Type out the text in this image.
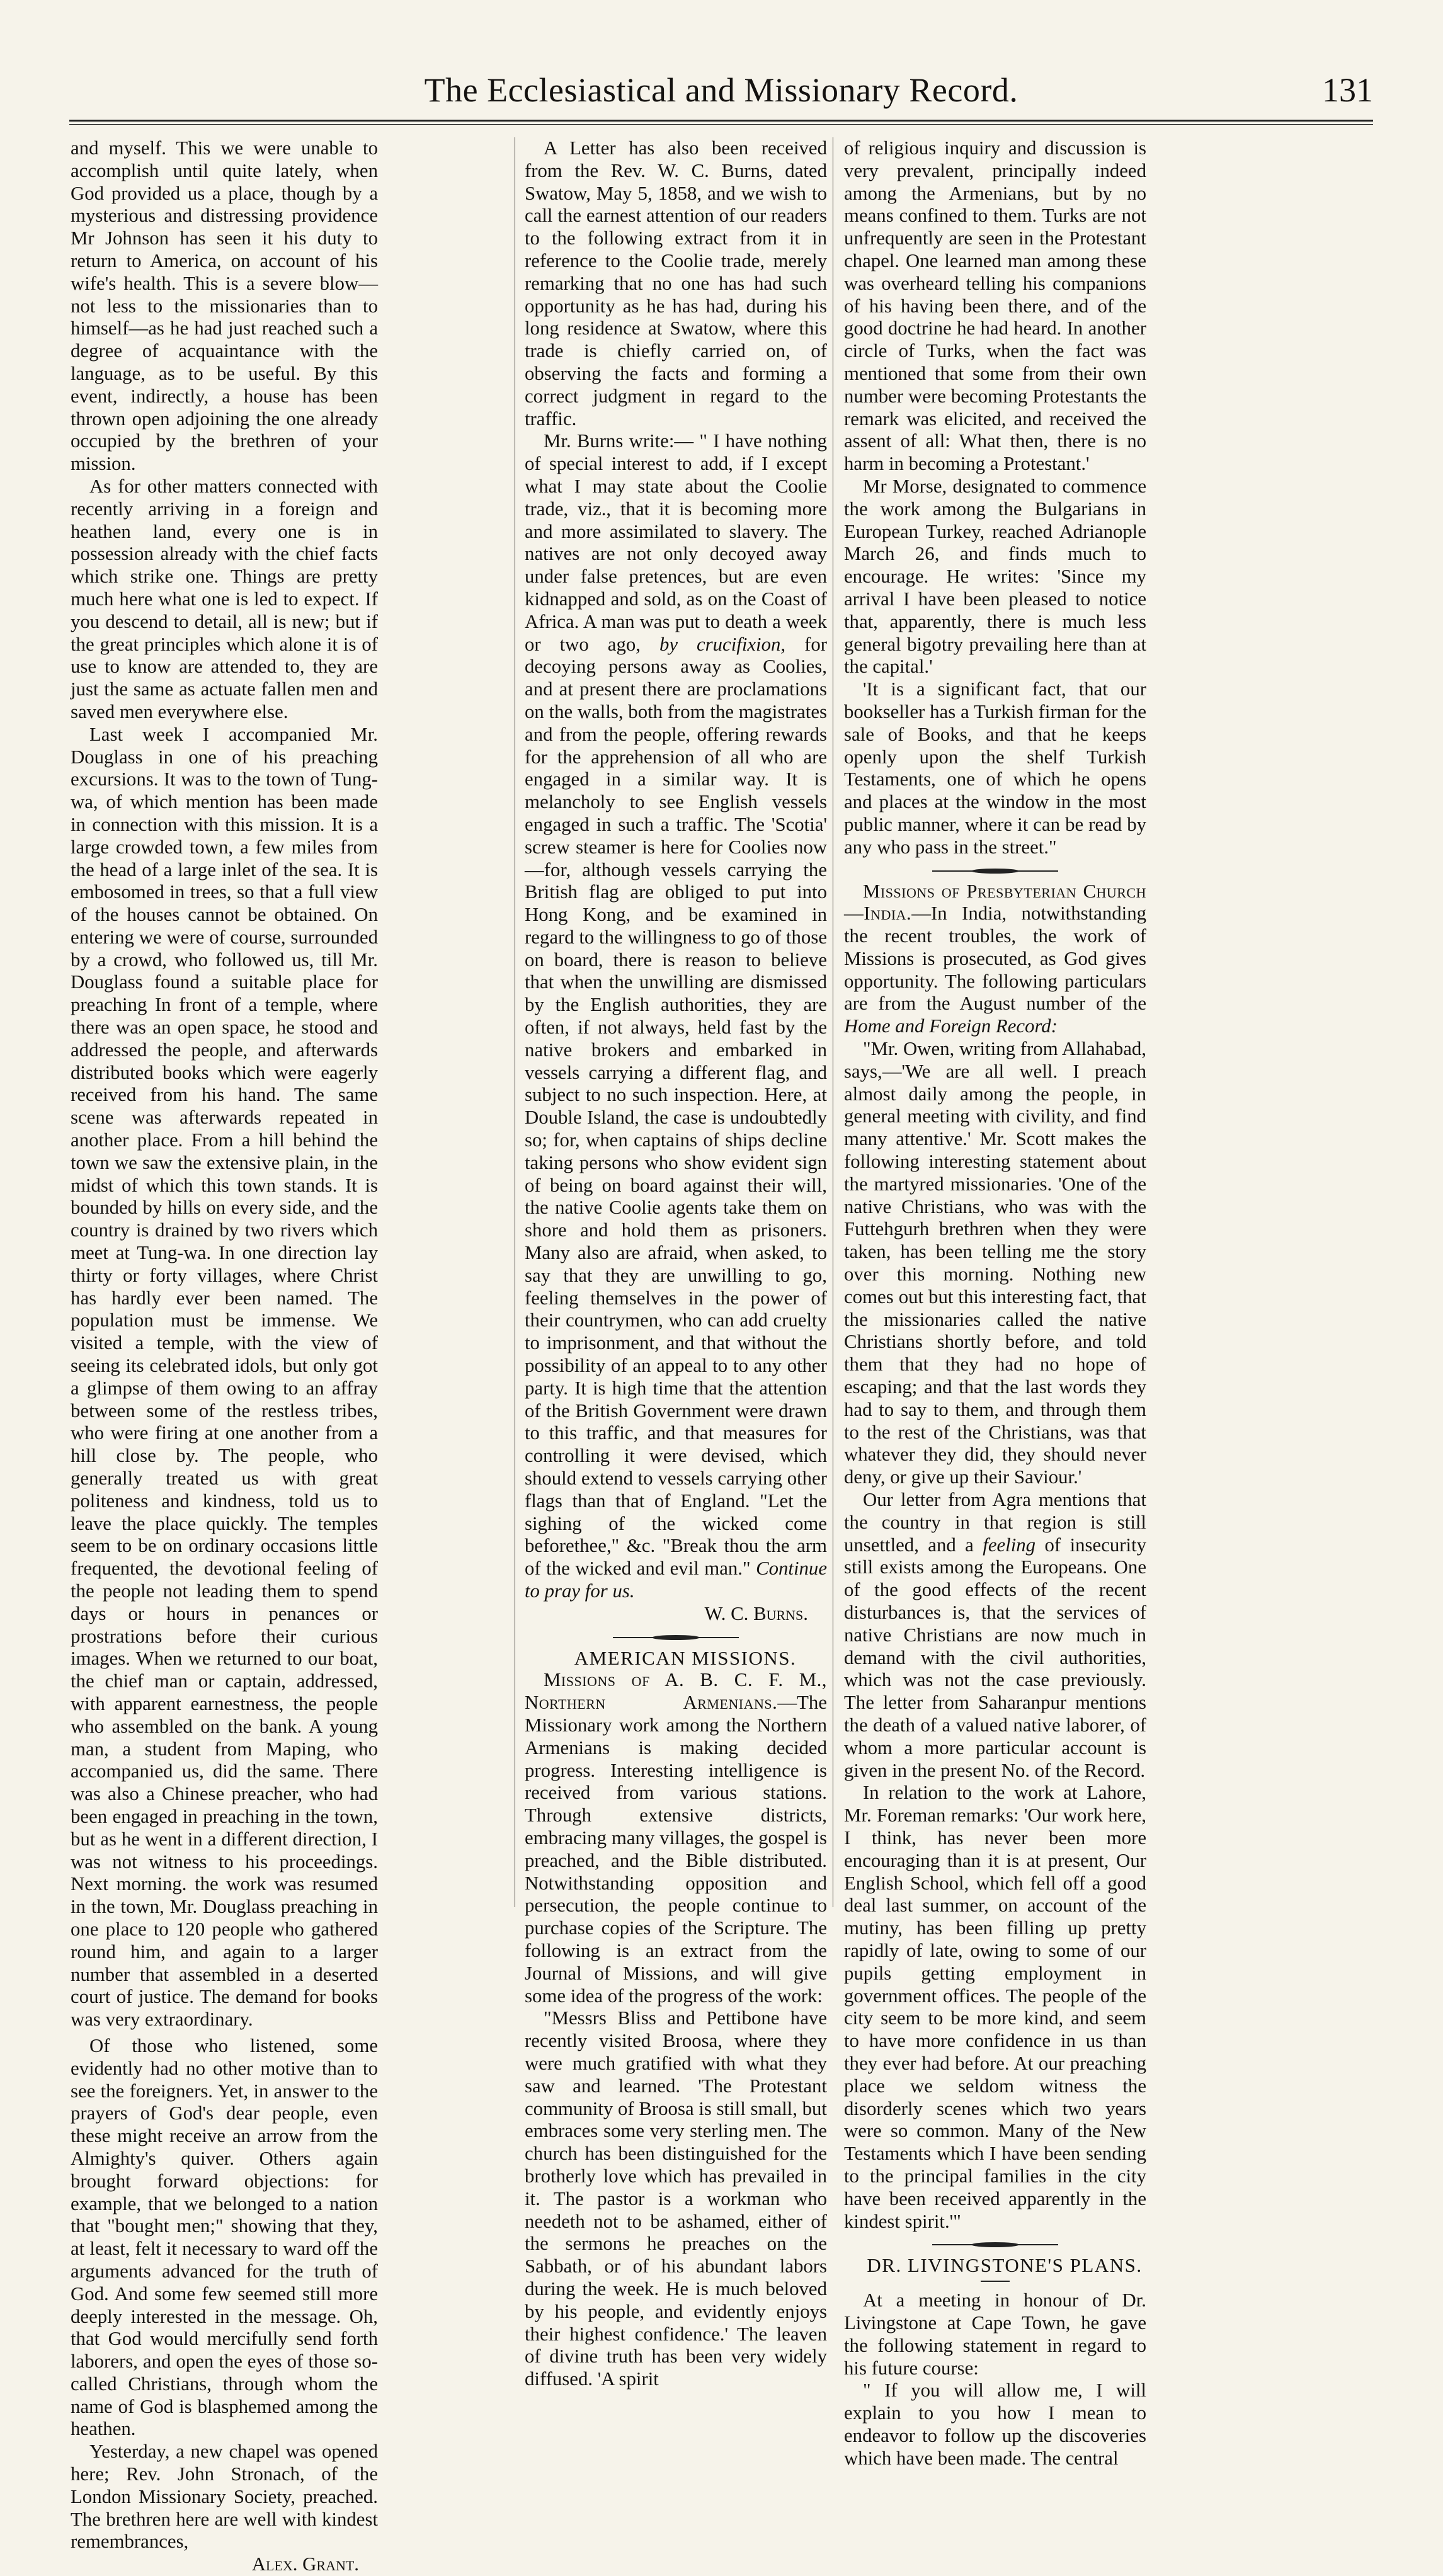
The Ecclesiastical and Missionary Record.	131

and myself. This we were unable to accomplish until quite lately, when God provided us a place, though by a mysterious and distressing providence Mr Johnson has seen it his duty to return to America, on account of his wife's health. This is a severe blow—not less to the missionaries than to himself—as he had just reached such a degree of acquaintance with the language, as to be useful. By this event, indirectly, a house has been thrown open adjoining the one already occupied by the brethren of your mission.

As for other matters connected with recently arriving in a foreign and heathen land, every one is in possession already with the chief facts which strike one. Things are pretty much here what one is led to expect. If you descend to detail, all is new; but if the great principles which alone it is of use to know are attended to, they are just the same as actuate fallen men and saved men everywhere else.

Last week I accompanied Mr. Douglass in one of his preaching excursions. It was to the town of Tung-wa, of which mention has been made in connection with this mission. It is a large crowded town, a few miles from the head of a large inlet of the sea. It is embosomed in trees, so that a full view of the houses cannot be obtained. On entering we were of course, surrounded by a crowd, who followed us, till Mr. Douglass found a suitable place for preaching In front of a temple, where there was an open space, he stood and addressed the people, and afterwards distributed books which were eagerly received from his hand. The same scene was afterwards repeated in another place. From a hill behind the town we saw the extensive plain, in the midst of which this town stands. It is bounded by hills on every side, and the country is drained by two rivers which meet at Tung-wa. In one direction lay thirty or forty villages, where Christ has hardly ever been named. The population must be immense. We visited a temple, with the view of seeing its celebrated idols, but only got a glimpse of them owing to an affray between some of the restless tribes, who were firing at one another from a hill close by. The people, who generally treated us with great politeness and kindness, told us to leave the place quickly. The temples seem to be on ordinary occasions little frequented, the devotional feeling of the people not leading them to spend days or hours in penances or prostrations before their curious images. When we returned to our boat, the chief man or captain, addressed, with apparent earnestness, the people who assembled on the bank. A young man, a student from Maping, who accompanied us, did the same. There was also a Chinese preacher, who had been engaged in preaching in the town, but as he went in a different direction, I was not witness to his proceedings. Next morning. the work was resumed in the town, Mr. Douglass preaching in one place to 120 people who gathered round him, and again to a larger number that assembled in a deserted court of justice. The demand for books was very extraordinary.

Of those who listened, some evidently had no other motive than to see the foreigners. Yet, in answer to the prayers of God's dear people, even these might receive an arrow from the Almighty's quiver. Others again brought forward objections: for example, that we belonged to a nation that "bought men;" showing that they, at least, felt it necessary to ward off the arguments advanced for the truth of God. And some few seemed still more deeply interested in the message. Oh, that God would mercifully send forth laborers, and open the eyes of those so-called Christians, through whom the name of God is blasphemed among the heathen.

Yesterday, a new chapel was opened here; Rev. John Stronach, of the London Missionary Society, preached. The brethren here are well with kindest remembrances,

Alex. Grant.

A Letter has also been received from the Rev. W. C. Burns, dated Swatow, May 5, 1858, and we wish to call the earnest attention of our readers to the following extract from it in reference to the Coolie trade, merely remarking that no one has had such opportunity as he has had, during his long residence at Swatow, where this trade is chiefly carried on, of observing the facts and forming a correct judgment in regard to the traffic.

Mr. Burns write:— " I have nothing of special interest to add, if I except what I may state about the Coolie trade, viz., that it is becoming more and more assimilated to slavery. The natives are not only decoyed away under false pretences, but are even kidnapped and sold, as on the Coast of Africa. A man was put to death a week or two ago, by crucifixion, for decoying persons away as Coolies, and at present there are proclamations on the walls, both from the magistrates and from the people, offering rewards for the apprehension of all who are engaged in a similar way. It is melancholy to see English vessels engaged in such a traffic. The 'Scotia' screw steamer is here for Coolies now—for, although vessels carrying the British flag are obliged to put into Hong Kong, and be examined in regard to the willingness to go of those on board, there is reason to believe that when the unwilling are dismissed by the English authorities, they are often, if not always, held fast by the native brokers and embarked in vessels carrying a different flag, and subject to no such inspection. Here, at Double Island, the case is undoubtedly so; for, when captains of ships decline taking persons who show evident sign of being on board against their will, the native Coolie agents take them on shore and hold them as prisoners. Many also are afraid, when asked, to say that they are unwilling to go, feeling themselves in the power of their countrymen, who can add cruelty to imprisonment, and that without the possibility of an appeal to to any other party. It is high time that the attention of the British Government were drawn to this traffic, and that measures for controlling it were devised, which should extend to vessels carrying other flags than that of England. "Let the sighing of the wicked come beforethee," &c. "Break thou the arm of the wicked and evil man." Continue to pray for us.

W. C. Burns.

AMERICAN MISSIONS.

Missions of A. B. C. F. M., Northern Armenians.—The Missionary work among the Northern Armenians is making decided progress. Interesting intelligence is received from various stations. Through extensive districts, embracing many villages, the gospel is preached, and the Bible distributed. Notwithstanding opposition and persecution, the people continue to purchase copies of the Scripture. The following is an extract from the Journal of Missions, and will give some idea of the progress of the work:

"Messrs Bliss and Pettibone have recently visited Broosa, where they were much gratified with what they saw and learned. 'The Protestant community of Broosa is still small, but embraces some very sterling men. The church has been distinguished for the brotherly love which has prevailed in it. The pastor is a workman who needeth not to be ashamed, either of the sermons he preaches on the Sabbath, or of his abundant labors during the week. He is much beloved by his people, and evidently enjoys their highest confidence.' The leaven of divine truth has been very widely diffused. 'A spirit

of religious inquiry and discussion is very prevalent, principally indeed among the Armenians, but by no means confined to them. Turks are not unfrequently are seen in the Protestant chapel. One learned man among these was overheard telling his companions of his having been there, and of the good doctrine he had heard. In another circle of Turks, when the fact was mentioned that some from their own number were becoming Protestants the remark was elicited, and received the assent of all: What then, there is no harm in becoming a Protestant.'

Mr Morse, designated to commence the work among the Bulgarians in European Turkey, reached Adrianople March 26, and finds much to encourage. He writes: 'Since my arrival I have been pleased to notice that, apparently, there is much less general bigotry prevailing here than at the capital.'

'It is a significant fact, that our bookseller has a Turkish firman for the sale of Books, and that he keeps openly upon the shelf Turkish Testaments, one of which he opens and places at the window in the most public manner, where it can be read by any who pass in the street."

Missions of Presbyterian Church—India.—In India, notwithstanding the recent troubles, the work of Missions is prosecuted, as God gives opportunity. The following particulars are from the August number of the Home and Foreign Record:

"Mr. Owen, writing from Allahabad, says,—'We are all well. I preach almost daily among the people, in general meeting with civility, and find many attentive.' Mr. Scott makes the following interesting statement about the martyred missionaries. 'One of the native Christians, who was with the Futtehgurh brethren when they were taken, has been telling me the story over this morning. Nothing new comes out but this interesting fact, that the missionaries called the native Christians shortly before, and told them that they had no hope of escaping; and that the last words they had to say to them, and through them to the rest of the Christians, was that whatever they did, they should never deny, or give up their Saviour.'

Our letter from Agra mentions that the country in that region is still unsettled, and a feeling of insecurity still exists among the Europeans. One of the good effects of the recent disturbances is, that the services of native Christians are now much in demand with the civil authorities, which was not the case previously. The letter from Saharanpur mentions the death of a valued native laborer, of whom a more particular account is given in the present No. of the Record.

In relation to the work at Lahore, Mr. Foreman remarks: 'Our work here, I think, has never been more encouraging than it is at present, Our English School, which fell off a good deal last summer, on account of the mutiny, has been filling up pretty rapidly of late, owing to some of our pupils getting employment in government offices. The people of the city seem to be more kind, and seem to have more confidence in us than they ever had before. At our preaching place we seldom witness the disorderly scenes which two years were so common. Many of the New Testaments which I have been sending to the principal families in the city have been received apparently in the kindest spirit.'"

DR. LIVINGSTONE'S PLANS.

At a meeting in honour of Dr. Livingstone at Cape Town, he gave the following statement in regard to his future course:

" If you will allow me, I will explain to you how I mean to endeavor to follow up the discoveries which have been made. The central
